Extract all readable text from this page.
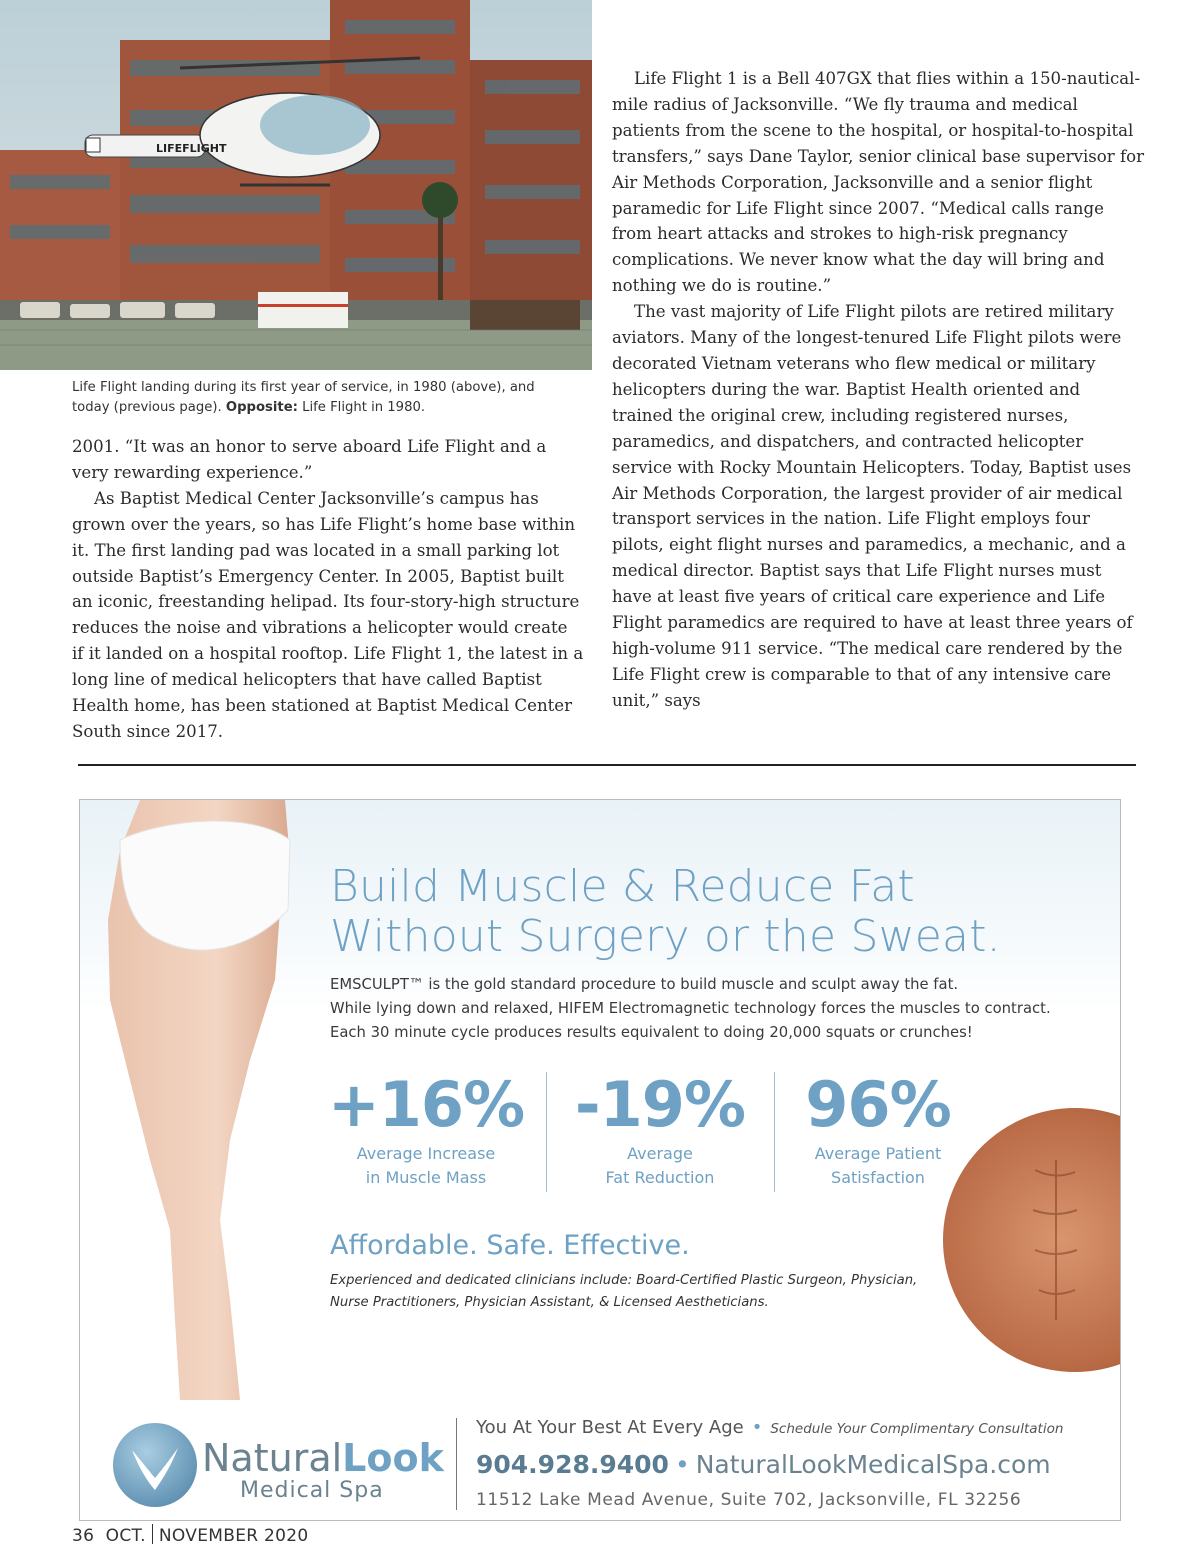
LIFEFLIGHT
Life Flight landing during its first year of service, in 1980 (above), and
today (previous page). Opposite: Life Flight in 1980.

2001. “It was an honor to serve aboard Life Flight and a very rewarding experience.”

As Baptist Medical Center Jacksonville’s campus has grown over the years, so has Life Flight’s home base within it. The first landing pad was located in a small parking lot outside Baptist’s Emergency Center. In 2005, Baptist built an iconic, freestanding helipad. Its four-story-high structure reduces the noise and vibrations a helicopter would create if it landed on a hospital rooftop. Life Flight 1, the latest in a long line of medical helicopters that have called Baptist Health home, has been stationed at Baptist Medical Center South since 2017.

Life Flight 1 is a Bell 407GX that flies within a 150-nautical-mile radius of Jacksonville. “We fly trauma and medical patients from the scene to the hospital, or hospital-to-hospital transfers,” says Dane Taylor, senior clinical base supervisor for Air Methods Corporation, Jacksonville and a senior flight paramedic for Life Flight since 2007. “Medical calls range from heart attacks and strokes to high-risk pregnancy complications. We never know what the day will bring and nothing we do is routine.”

The vast majority of Life Flight pilots are retired military aviators. Many of the longest-tenured Life Flight pilots were decorated Vietnam veterans who flew medical or military helicopters during the war. Baptist Health oriented and trained the original crew, including registered nurses, paramedics, and dispatchers, and contracted helicopter service with Rocky Mountain Helicopters. Today, Baptist uses Air Methods Corporation, the largest provider of air medical transport services in the nation. Life Flight employs four pilots, eight flight nurses and paramedics, a mechanic, and a medical director. Baptist says that Life Flight nurses must have at least five years of critical care experience and Life Flight paramedics are required to have at least three years of high-volume 911 service. “The medical care rendered by the Life Flight crew is comparable to that of any intensive care unit,” says

Build Muscle & Reduce Fat
Without Surgery or the Sweat.
EMSCULPT™ is the gold standard procedure to build muscle and sculpt away the fat.
While lying down and relaxed, HIFEM Electromagnetic technology forces the muscles to contract.
Each 30 minute cycle produces results equivalent to doing 20,000 squats or crunches!
+16%
Average Increase
in Muscle Mass
-19%
Average
Fat Reduction
96%
Average Patient
Satisfaction
Affordable. Safe. Effective.
Experienced and dedicated clinicians include: Board-Certified Plastic Surgeon, Physician,
Nurse Practitioners, Physician Assistant, & Licensed Aestheticians.
NaturalLook
Medical Spa
You At Your Best At Every Age • Schedule Your Complimentary Consultation
904.928.9400 • NaturalLookMedicalSpa.com
11512 Lake Mead Avenue, Suite 702, Jacksonville, FL 32256
36 OCT. NOVEMBER 2020
